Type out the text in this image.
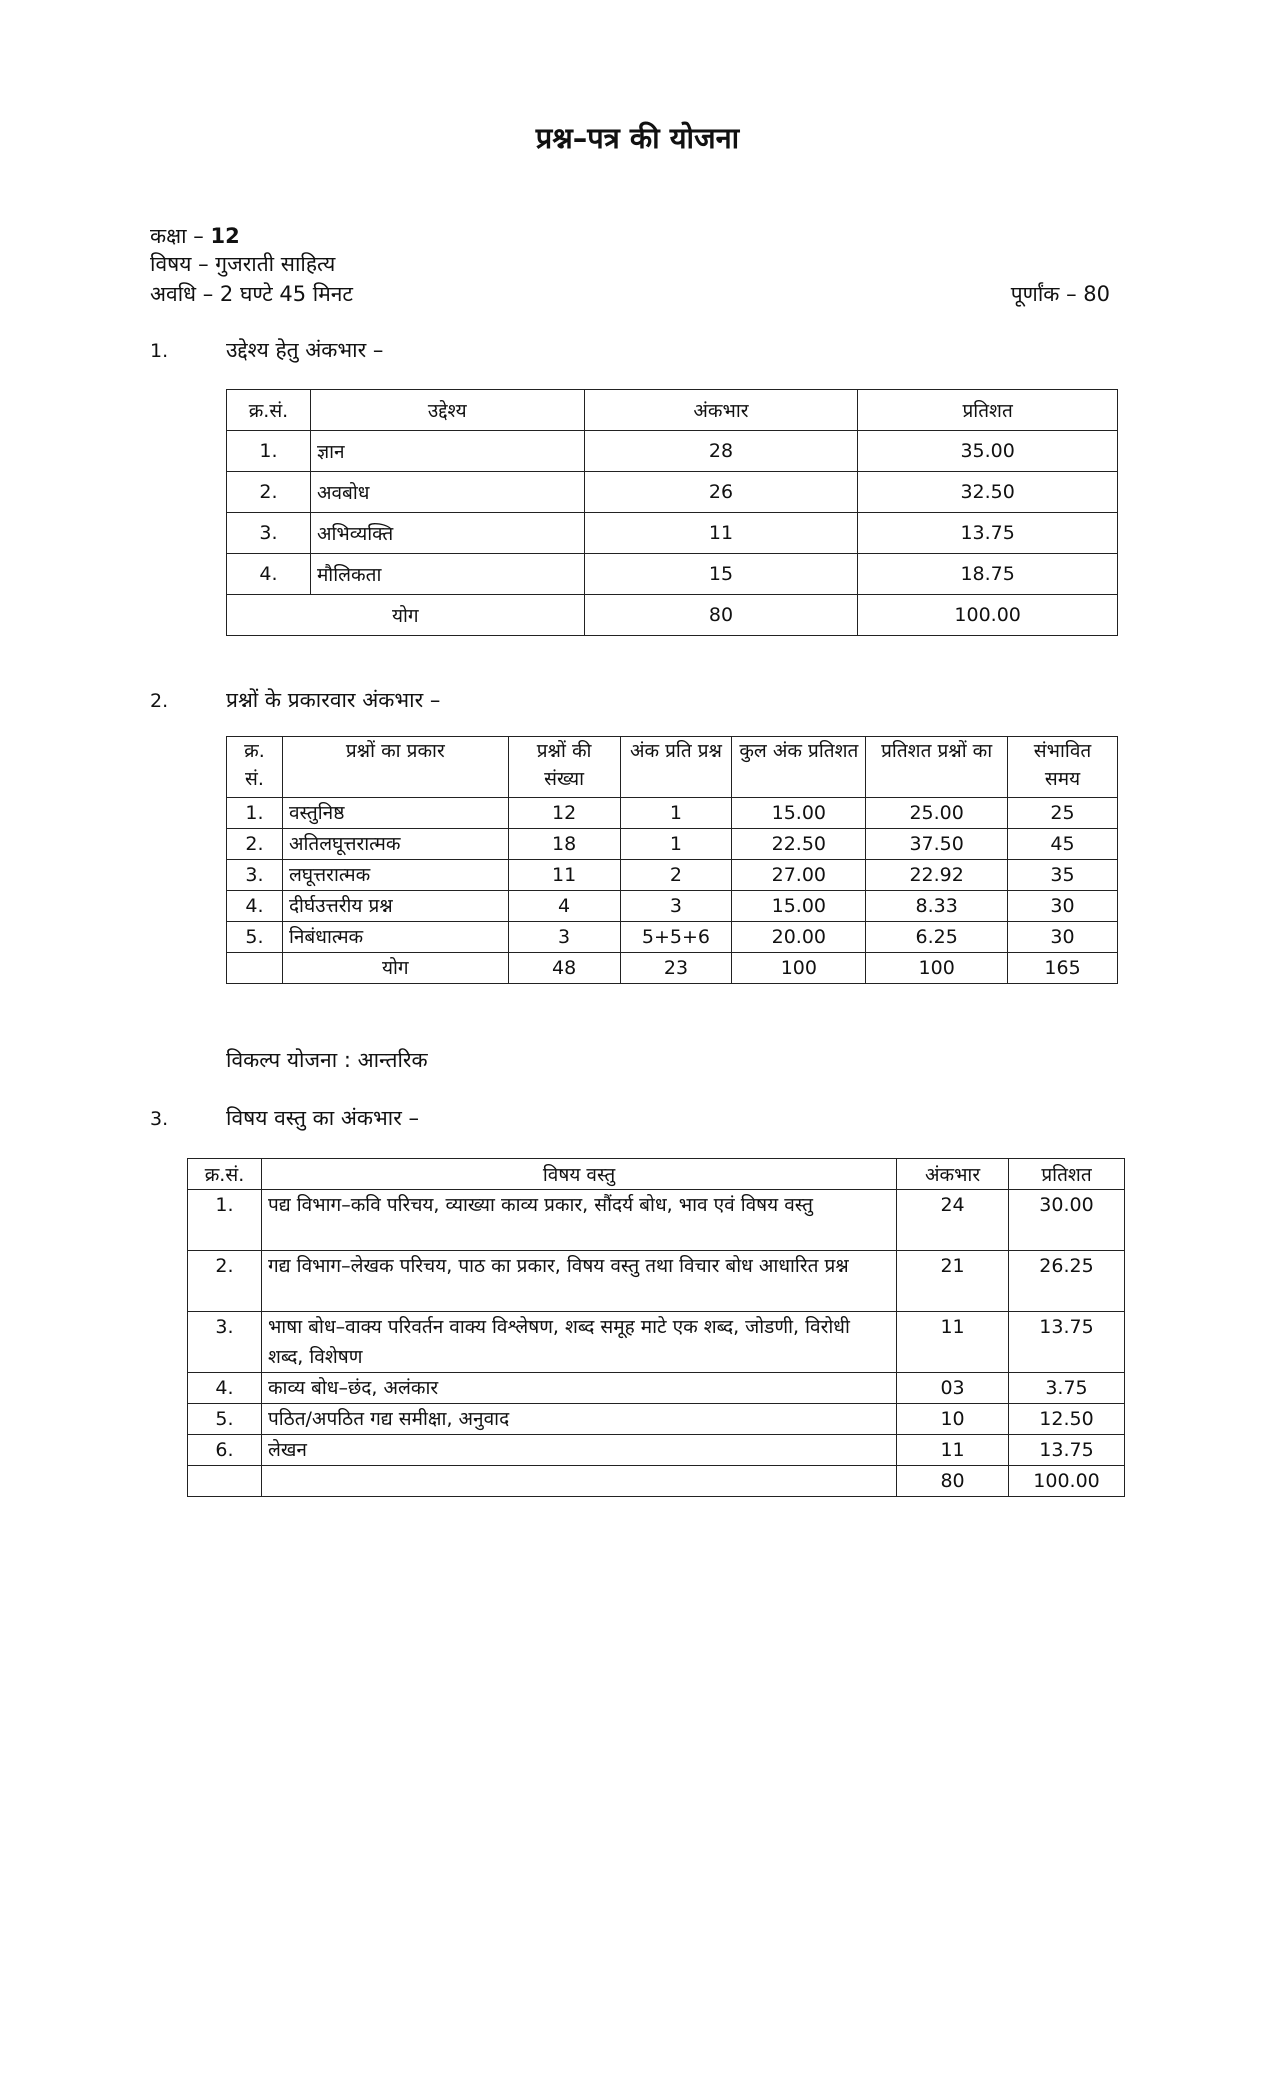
प्रश्न–पत्र की योजना
कक्षा – 12
विषय – गुजराती साहित्य
अवधि – 2 घण्टे 45 मिनट	पूर्णांक – 80
1.	उद्देश्य हेतु अंकभार –
क्र.सं.	उद्देश्य	अंकभार	प्रतिशत
1.	ज्ञान	28	35.00
2.	अवबोध	26	32.50
3.	अभिव्यक्ति	11	13.75
4.	मौलिकता	15	18.75
योग		80	100.00
2.	प्रश्नों के प्रकारवार अंकभार –
क्र. सं.	प्रश्नों का प्रकार	प्रश्नों की संख्या	अंक प्रति प्रश्न	कुल अंक प्रतिशत	प्रतिशत प्रश्नों का	संभावित समय
1.	वस्तुनिष्ठ	12	1	15.00	25.00	25
2.	अतिलघूत्तरात्मक	18	1	22.50	37.50	45
3.	लघूत्तरात्मक	11	2	27.00	22.92	35
4.	दीर्घउत्तरीय प्रश्न	4	3	15.00	8.33	30
5.	निबंधात्मक	3	5+5+6	20.00	6.25	30
	योग	48	23	100	100	165
विकल्प योजना : आन्तरिक
3.	विषय वस्तु का अंकभार –
क्र.सं.	विषय वस्तु	अंकभार	प्रतिशत
1.	पद्य विभाग–कवि परिचय, व्याख्या काव्य प्रकार, सौंदर्य बोध, भाव एवं विषय वस्तु	24	30.00
2.	गद्य विभाग–लेखक परिचय, पाठ का प्रकार, विषय वस्तु तथा विचार बोध आधारित प्रश्न	21	26.25
3.	भाषा बोध–वाक्य परिवर्तन वाक्य विश्लेषण, शब्द समूह माटे एक शब्द, जोडणी, विरोधी शब्द, विशेषण	11	13.75
4.	काव्य बोध–छंद, अलंकार	03	3.75
5.	पठित/अपठित गद्य समीक्षा, अनुवाद	10	12.50
6.	लेखन	11	13.75
		80	100.00
